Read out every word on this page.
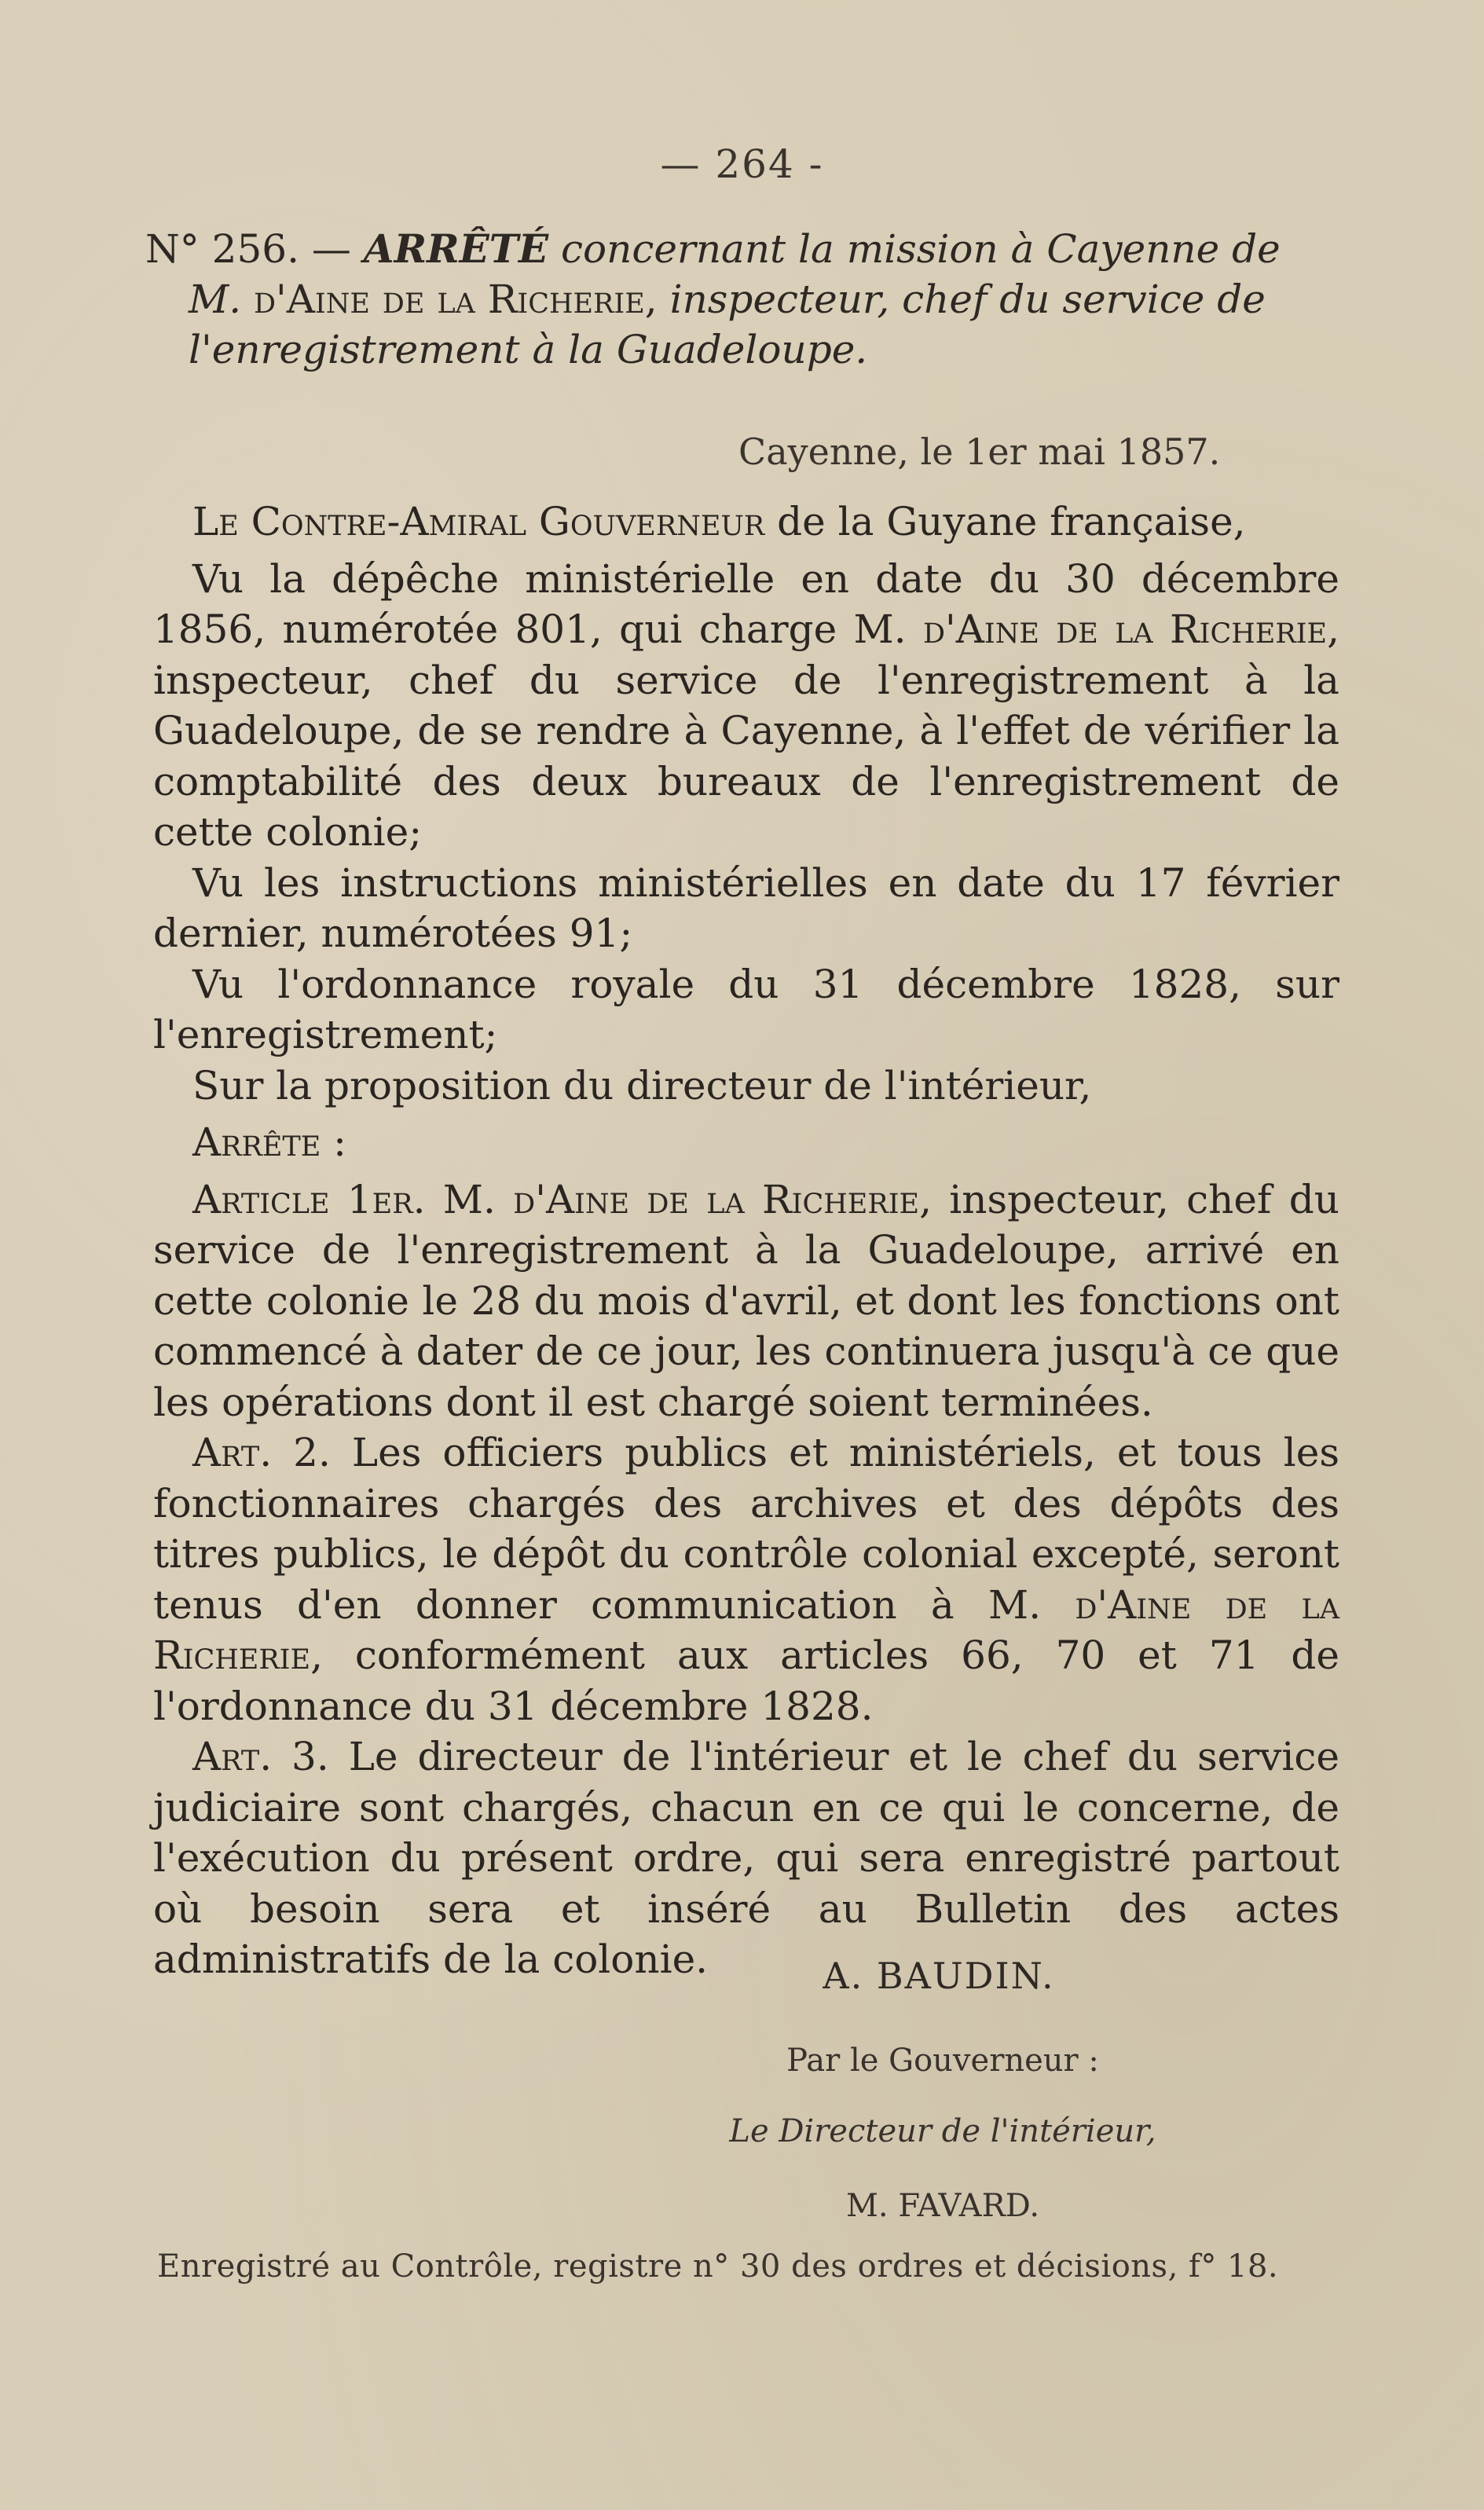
— 264 -
N° 256. — ARRÊTÉ concernant la mission à Cayenne de
M. d'Aine de la Richerie, inspecteur, chef du service de
l'enregistrement à la Guadeloupe.
Cayenne, le 1er mai 1857.

Le Contre-Amiral Gouverneur de la Guyane française,

Vu la dépêche ministérielle en date du 30 décembre 1856, numérotée 801, qui charge M. d'Aine de la Richerie, inspecteur, chef du service de l'enregistrement à la Guadeloupe, de se rendre à Cayenne, à l'effet de vérifier la comptabilité des deux bureaux de l'enregistrement de cette colonie;

Vu les instructions ministérielles en date du 17 février dernier, numérotées 91;

Vu l'ordonnance royale du 31 décembre 1828, sur l'enregistrement;

Sur la proposition du directeur de l'intérieur,

Arrête :

Article 1er. M. d'Aine de la Richerie, inspecteur, chef du service de l'enregistrement à la Guadeloupe, arrivé en cette colonie le 28 du mois d'avril, et dont les fonctions ont commencé à dater de ce jour, les continuera jusqu'à ce que les opérations dont il est chargé soient terminées.

Art. 2. Les officiers publics et ministériels, et tous les fonctionnaires chargés des archives et des dépôts des titres publics, le dépôt du contrôle colonial excepté, seront tenus d'en donner communication à M. d'Aine de la Richerie, conformément aux articles 66, 70 et 71 de l'ordonnance du 31 décembre 1828.

Art. 3. Le directeur de l'intérieur et le chef du service judiciaire sont chargés, chacun en ce qui le concerne, de l'exécution du présent ordre, qui sera enregistré partout où besoin sera et inséré au Bulletin des actes administratifs de la colonie.	A. BAUDIN.
Par le Gouverneur :
Le Directeur de l'intérieur,
M. FAVARD.
Enregistré au Contrôle, registre n° 30 des ordres et décisions, f° 18.
